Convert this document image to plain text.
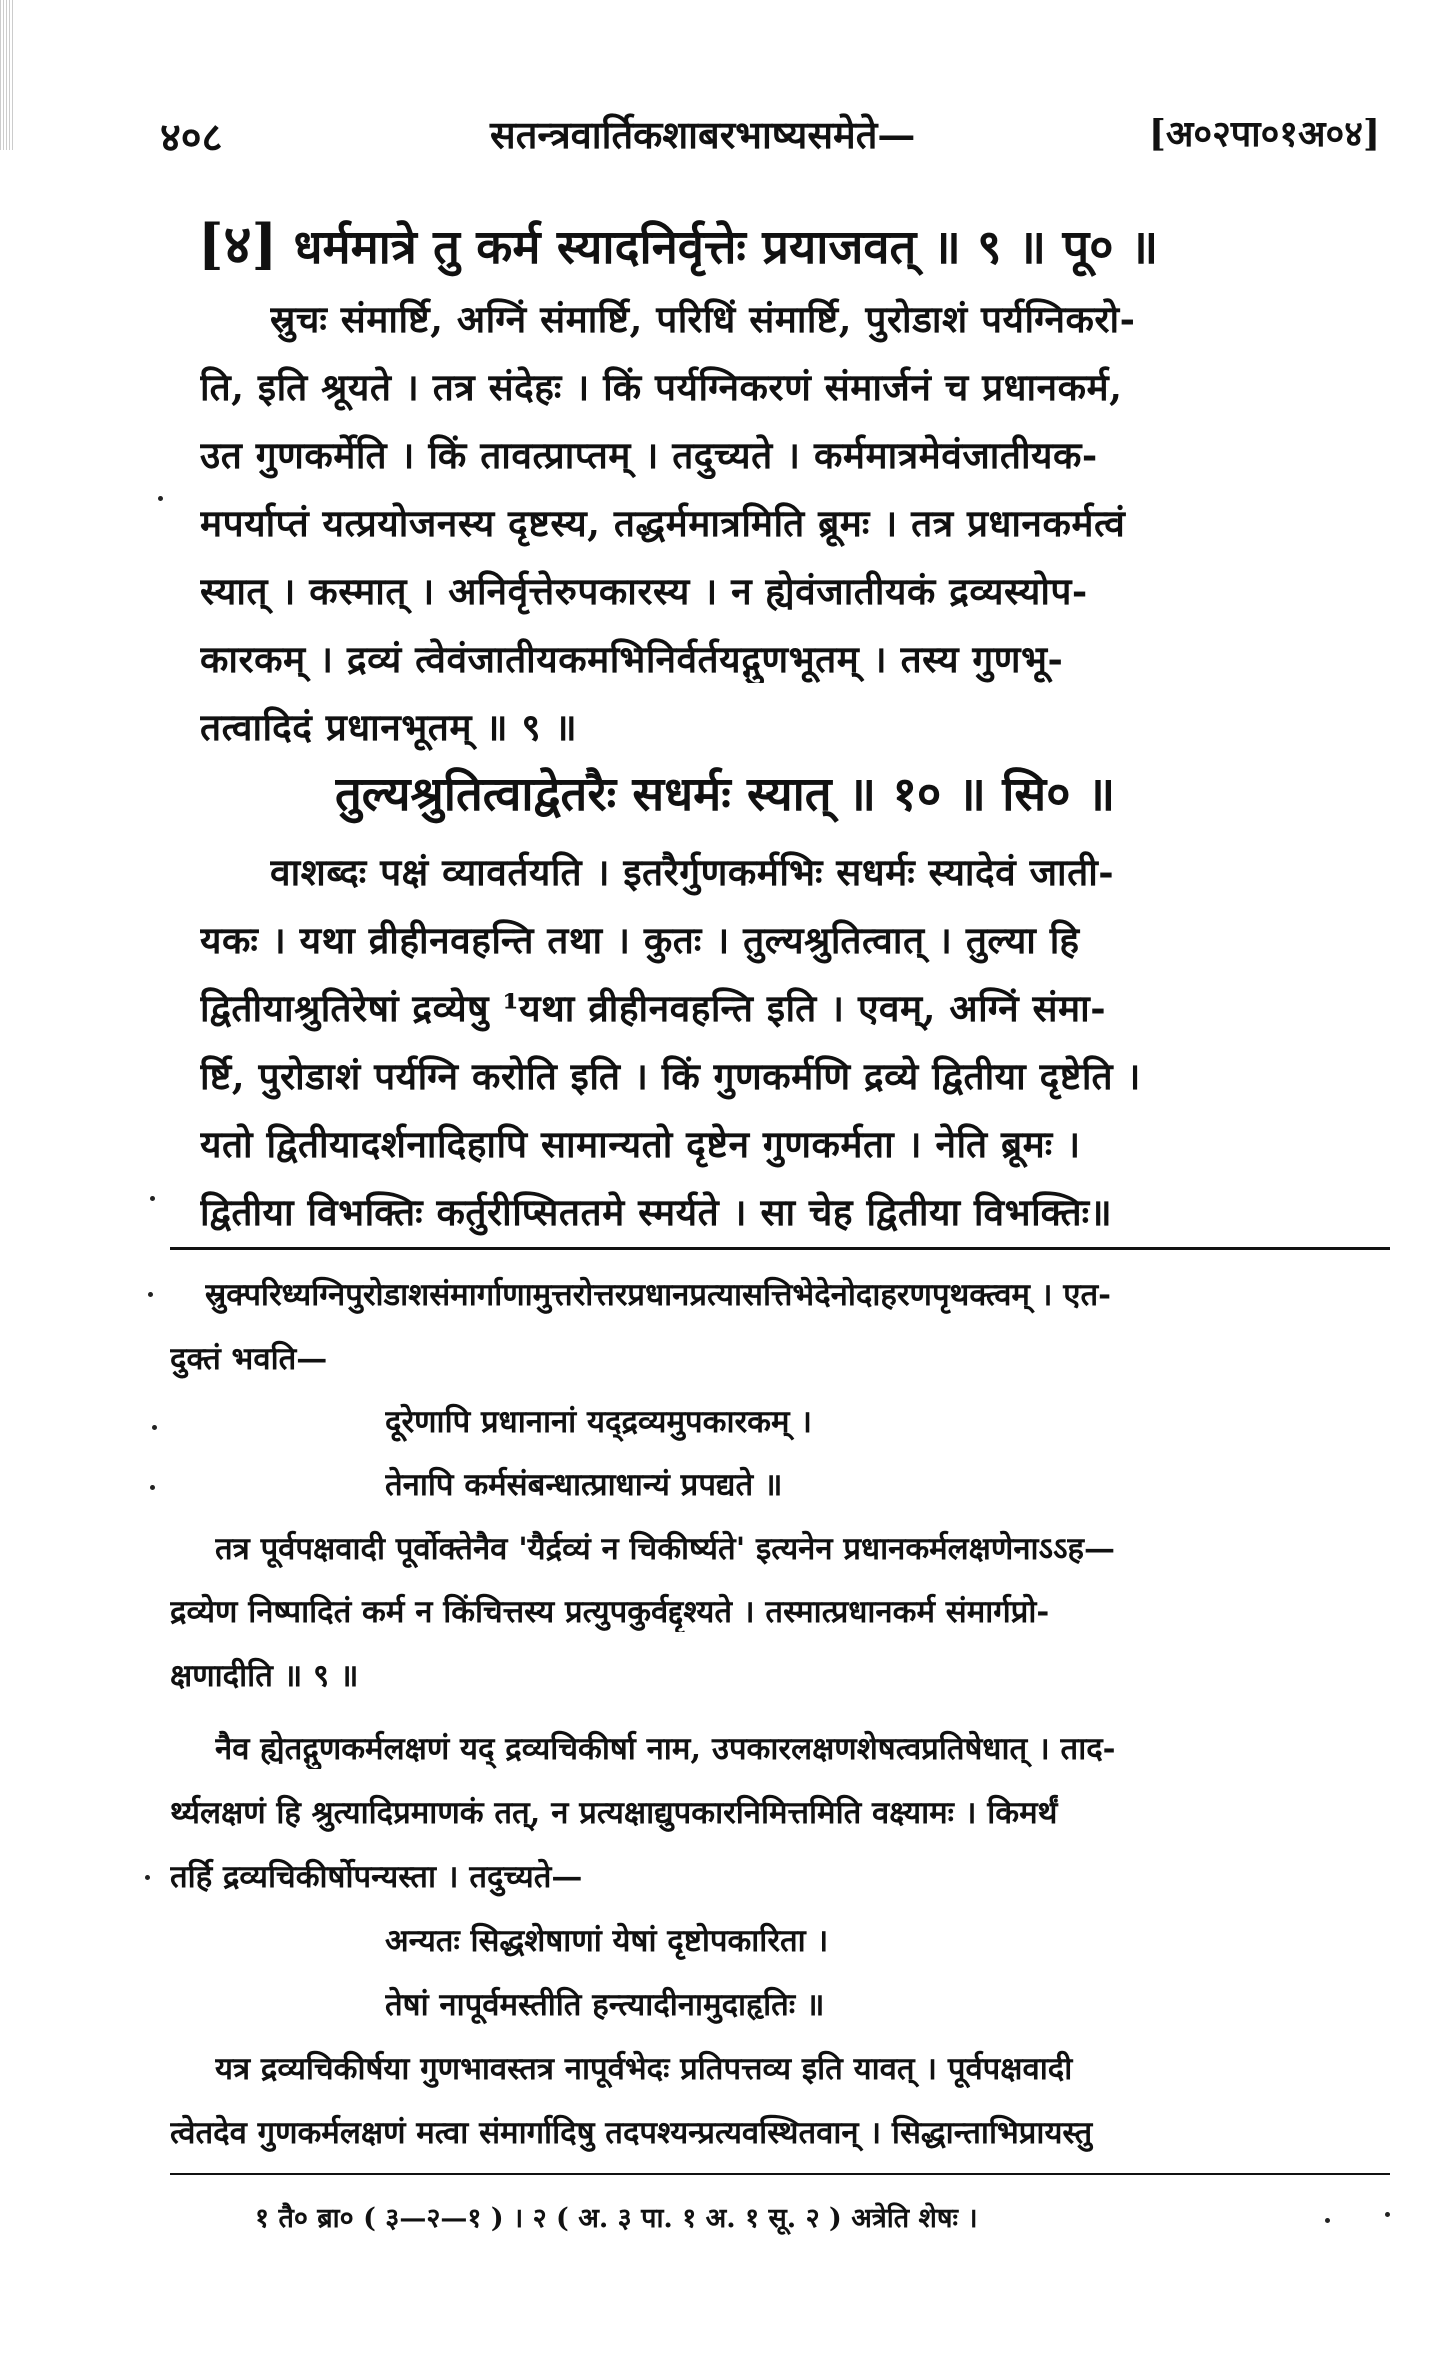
४०८	सतन्त्रवार्तिकशाबरभाष्यसमेते—	[अ०२पा०१अ०४]
[४] धर्ममात्रे तु कर्म स्यादनिर्वृत्तेः प्रयाजवत् ॥ ९ ॥ पू० ॥
स्रुचः संमार्ष्टि, अग्निं संमार्ष्टि, परिधिं संमार्ष्टि, पुरोडाशं पर्यग्निकरो-
ति, इति श्रूयते । तत्र संदेहः । किं पर्यग्निकरणं संमार्जनं च प्रधानकर्म,
उत गुणकर्मेति । किं तावत्प्राप्तम् । तदुच्यते । कर्ममात्रमेवंजातीयक-
मपर्याप्तं यत्प्रयोजनस्य दृष्टस्य, तद्धर्ममात्रमिति ब्रूमः । तत्र प्रधानकर्मत्वं
स्यात् । कस्मात् । अनिर्वृत्तेरुपकारस्य । न ह्येवंजातीयकं द्रव्यस्योप-
कारकम् । द्रव्यं त्वेवंजातीयकमभिनिर्वर्तयद्गुणभूतम् । तस्य गुणभू-
तत्वादिदं प्रधानभूतम् ॥ ९ ॥
तुल्यश्रुतित्वाद्वेतरैः सधर्मः स्यात् ॥ १० ॥ सि० ॥
वाशब्दः पक्षं व्यावर्तयति । इतरैर्गुणकर्मभिः सधर्मः स्यादेवं जाती-
यकः । यथा व्रीहीनवहन्ति तथा । कुतः । तुल्यश्रुतित्वात् । तुल्या हि
द्वितीयाश्रुतिरेषां द्रव्येषु ¹यथा व्रीहीनवहन्ति इति । एवम्, अग्निं संमा-
र्ष्टि, पुरोडाशं पर्यग्नि करोति इति । किं गुणकर्मणि द्रव्ये द्वितीया दृष्टेति ।
यतो द्वितीयादर्शनादिहापि सामान्यतो दृष्टेन गुणकर्मता । नेति ब्रूमः ।
द्वितीया विभक्तिः कर्तुरीप्सिततमे स्मर्यते । सा चेह द्वितीया विभक्तिः॥
स्रुक्परिध्यग्निपुरोडाशसंमार्गाणामुत्तरोत्तरप्रधानप्रत्यासत्तिभेदेनोदाहरणपृथक्त्वम् । एत-
दुक्तं भवति—
दूरेणापि प्रधानानां यद्द्रव्यमुपकारकम् ।
तेनापि कर्मसंबन्धात्प्राधान्यं प्रपद्यते ॥
तत्र पूर्वपक्षवादी पूर्वोक्तेनैव 'यैर्द्रव्यं न चिकीर्ष्यते' इत्यनेन प्रधानकर्मलक्षणेनाऽऽह—
द्रव्येण निष्पादितं कर्म न किंचित्तस्य प्रत्युपकुर्वद्दृश्यते । तस्मात्प्रधानकर्म संमार्गप्रो-
क्षणादीति ॥ ९ ॥
नैव ह्येतद्गुणकर्मलक्षणं यद् द्रव्यचिकीर्षा नाम, उपकारलक्षणशेषत्वप्रतिषेधात् । ताद-
र्थ्यलक्षणं हि श्रुत्यादिप्रमाणकं तत्, न प्रत्यक्षाद्युपकारनिमित्तमिति वक्ष्यामः । किमर्थं
तर्हि द्रव्यचिकीर्षोपन्यस्ता । तदुच्यते—
अन्यतः सिद्धशेषाणां येषां दृष्टोपकारिता ।
तेषां नापूर्वमस्तीति हन्त्यादीनामुदाहृतिः ॥
यत्र द्रव्यचिकीर्षया गुणभावस्तत्र नापूर्वभेदः प्रतिपत्तव्य इति यावत् । पूर्वपक्षवादी
त्वेतदेव गुणकर्मलक्षणं मत्वा संमार्गादिषु तदपश्यन्प्रत्यवस्थितवान् । सिद्धान्ताभिप्रायस्तु
१ तै० ब्रा० ( ३—२—१ ) । २ ( अ. ३ पा. १ अ. १ सू. २ ) अत्रेति शेषः ।
